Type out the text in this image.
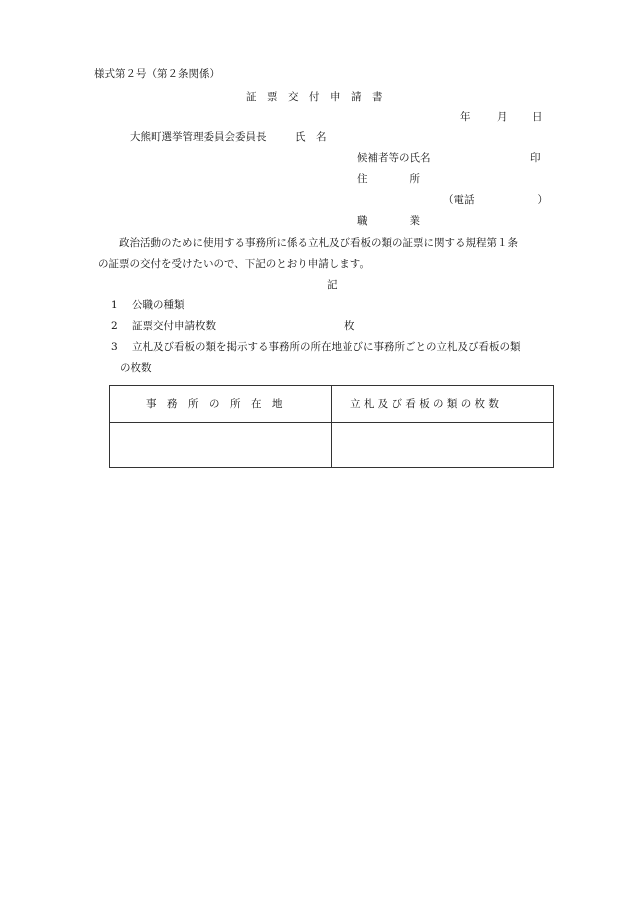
様式第２号（第２条関係）
証　票　交　付　申　請　書
年	月 日
大熊町選挙管理委員会委員長	氏　名
候補者等の氏名	印
住　　　　所
（電話　　　　　　）
職　　　　業
政治活動のために使用する事務所に係る立札及び看板の類の証票に関する規程第１条
の証票の交付を受けたいので、下記のとおり申請します。
記
1 公職の種類
2 証票交付申請枚数	枚
3 立札及び看板の類を掲示する事務所の所在地並びに事務所ごとの立札及び看板の類
の枚数
事　務　所　の　所　在　地	立 札 及 び 看 板 の 類 の 枚 数
